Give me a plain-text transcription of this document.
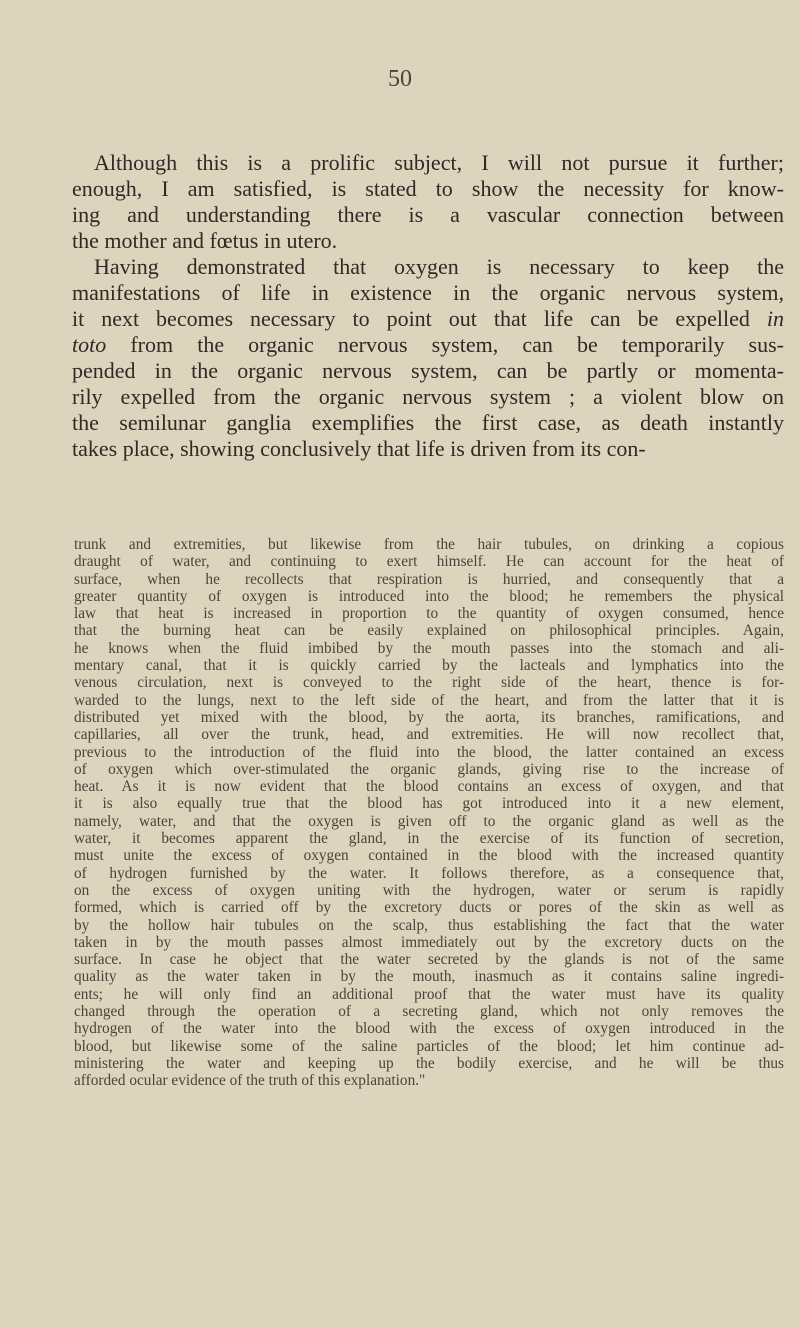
50
Although this is a prolific subject, I will not pursue it further;
enough, I am satisfied, is stated to show the necessity for know-
ing and understanding there is a vascular connection between
the mother and fœtus in utero.
Having demonstrated that oxygen is necessary to keep the
manifestations of life in existence in the organic nervous system,
it next becomes necessary to point out that life can be expelled in
toto from the organic nervous system, can be temporarily sus-
pended in the organic nervous system, can be partly or momenta-
rily expelled from the organic nervous system ; a violent blow on
the semilunar ganglia exemplifies the first case, as death instantly
takes place, showing conclusively that life is driven from its con-
trunk and extremities, but likewise from the hair tubules, on drinking a copious
draught of water, and continuing to exert himself. He can account for the heat of
surface, when he recollects that respiration is hurried, and consequently that a
greater quantity of oxygen is introduced into the blood; he remembers the physical
law that heat is increased in proportion to the quantity of oxygen consumed, hence
that the burning heat can be easily explained on philosophical principles. Again,
he knows when the fluid imbibed by the mouth passes into the stomach and ali-
mentary canal, that it is quickly carried by the lacteals and lymphatics into the
venous circulation, next is conveyed to the right side of the heart, thence is for-
warded to the lungs, next to the left side of the heart, and from the latter that it is
distributed yet mixed with the blood, by the aorta, its branches, ramifications, and
capillaries, all over the trunk, head, and extremities. He will now recollect that,
previous to the introduction of the fluid into the blood, the latter contained an excess
of oxygen which over-stimulated the organic glands, giving rise to the increase of
heat. As it is now evident that the blood contains an excess of oxygen, and that
it is also equally true that the blood has got introduced into it a new element,
namely, water, and that the oxygen is given off to the organic gland as well as the
water, it becomes apparent the gland, in the exercise of its function of secretion,
must unite the excess of oxygen contained in the blood with the increased quantity
of hydrogen furnished by the water. It follows therefore, as a consequence that,
on the excess of oxygen uniting with the hydrogen, water or serum is rapidly
formed, which is carried off by the excretory ducts or pores of the skin as well as
by the hollow hair tubules on the scalp, thus establishing the fact that the water
taken in by the mouth passes almost immediately out by the excretory ducts on the
surface. In case he object that the water secreted by the glands is not of the same
quality as the water taken in by the mouth, inasmuch as it contains saline ingredi-
ents; he will only find an additional proof that the water must have its quality
changed through the operation of a secreting gland, which not only removes the
hydrogen of the water into the blood with the excess of oxygen introduced in the
blood, but likewise some of the saline particles of the blood; let him continue ad-
ministering the water and keeping up the bodily exercise, and he will be thus
afforded ocular evidence of the truth of this explanation."
